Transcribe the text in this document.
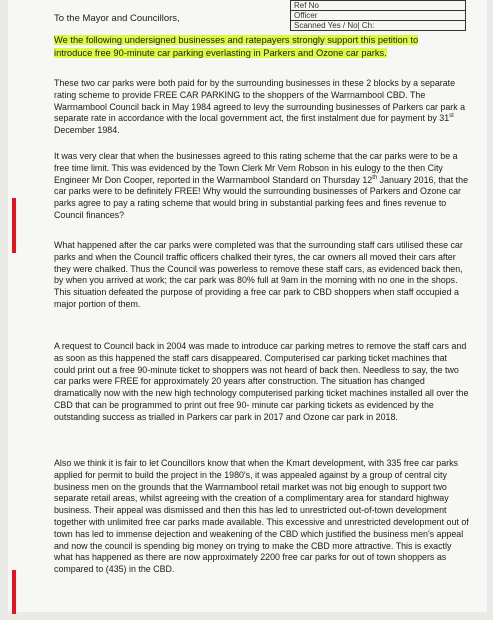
Ref No
Officer
Scanned Yes / No| Ch:
To the Mayor and Councillors,
We the following undersigned businesses and ratepayers strongly support this petition to introduce free 90-minute car parking everlasting in Parkers and Ozone car parks.

These two car parks were both paid for by the surrounding businesses in these 2 blocks by a separate rating scheme to provide FREE CAR PARKING to the shoppers of the Warrnambool CBD. The Warrnambool Council back in May 1984 agreed to levy the surrounding businesses of Parkers car park a separate rate in accordance with the local government act, the first instalment due for payment by 31st December 1984.

It was very clear that when the businesses agreed to this rating scheme that the car parks were to be a free time limit. This was evidenced by the Town Clerk Mr Vern Robson in his eulogy to the then City Engineer Mr Don Cooper, reported in the Warrnambool Standard on Thursday 12th January 2016, that the car parks were to be definitely FREE! Why would the surrounding businesses of Parkers and Ozone car parks agree to pay a rating scheme that would bring in substantial parking fees and fines revenue to Council finances?

What happened after the car parks were completed was that the surrounding staff cars utilised these car parks and when the Council traffic officers chalked their tyres, the car owners all moved their cars after they were chalked. Thus the Council was powerless to remove these staff cars, as evidenced back then, by when you arrived at work; the car park was 80% full at 9am in the morning with no one in the shops. This situation defeated the purpose of providing a free car park to CBD shoppers when staff occupied a major portion of them.

A request to Council back in 2004 was made to introduce car parking metres to remove the staff cars and as soon as this happened the staff cars disappeared. Computerised car parking ticket machines that could print out a free 90-minute ticket to shoppers was not heard of back then. Needless to say, the two car parks were FREE for approximately 20 years after construction. The situation has changed dramatically now with the new high technology computerised parking ticket machines installed all over the CBD that can be programmed to print out free 90- minute car parking tickets as evidenced by the outstanding success as trialled in Parkers car park in 2017 and Ozone car park in 2018.

Also we think it is fair to let Councillors know that when the Kmart development, with 335 free car parks applied for permit to build the project in the 1980's, it was appealed against by a group of central city business men on the grounds that the Warrnambool retail market was not big enough to support two separate retail areas, whilst agreeing with the creation of a complimentary area for standard highway business. Their appeal was dismissed and then this has led to unrestricted out-of-town development together with unlimited free car parks made available. This excessive and unrestricted development out of town has led to immense dejection and weakening of the CBD which justified the business men's appeal and now the council is spending big money on trying to make the CBD more attractive. This is exactly what has happened as there are now approximately 2200 free car parks for out of town shoppers as compared to (435) in the CBD.
